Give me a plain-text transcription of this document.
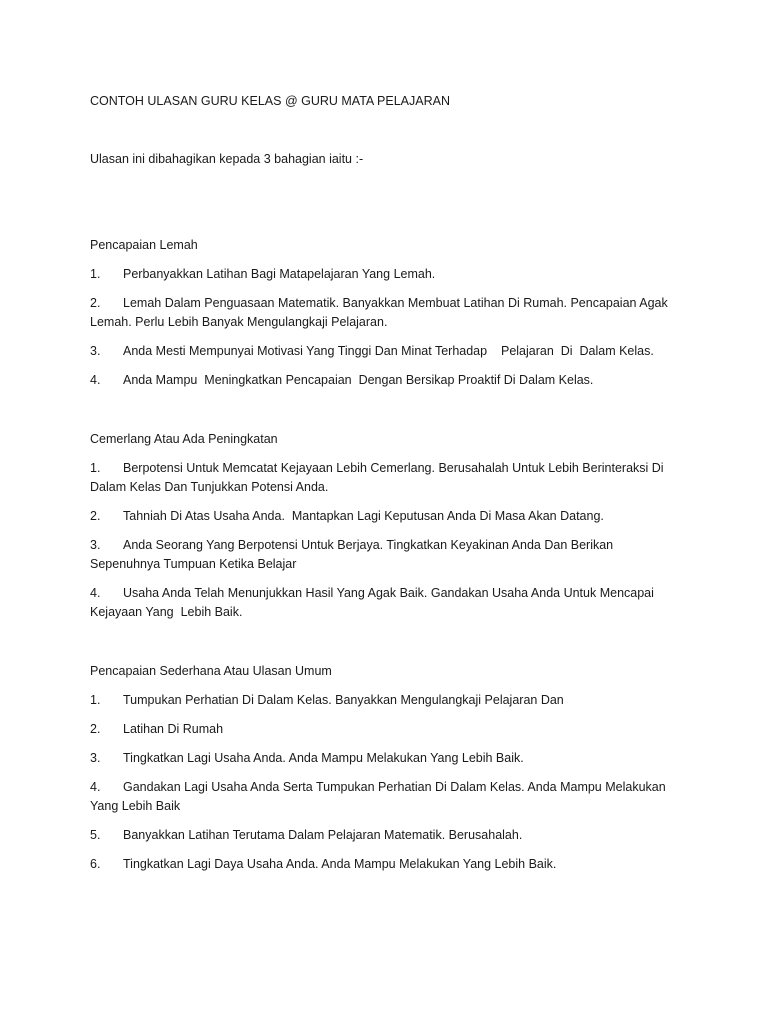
CONTOH ULASAN GURU KELAS @ GURU MATA PELAJARAN
Ulasan ini dibahagikan kepada 3 bahagian iaitu :-
Pencapaian Lemah
1. Perbanyakkan Latihan Bagi Matapelajaran Yang Lemah.
2. Lemah Dalam Penguasaan Matematik. Banyakkan Membuat Latihan Di Rumah. Pencapaian Agak Lemah. Perlu Lebih Banyak Mengulangkaji Pelajaran.
3. Anda Mesti Mempunyai Motivasi Yang Tinggi Dan Minat Terhadap    Pelajaran  Di  Dalam Kelas.
4. Anda Mampu  Meningkatkan Pencapaian  Dengan Bersikap Proaktif Di Dalam Kelas.
Cemerlang Atau Ada Peningkatan
1. Berpotensi Untuk Memcatat Kejayaan Lebih Cemerlang. Berusahalah Untuk Lebih Berinteraksi Di Dalam Kelas Dan Tunjukkan Potensi Anda.
2. Tahniah Di Atas Usaha Anda.  Mantapkan Lagi Keputusan Anda Di Masa Akan Datang.
3. Anda Seorang Yang Berpotensi Untuk Berjaya. Tingkatkan Keyakinan Anda Dan Berikan Sepenuhnya Tumpuan Ketika Belajar
4. Usaha Anda Telah Menunjukkan Hasil Yang Agak Baik. Gandakan Usaha Anda Untuk Mencapai Kejayaan Yang  Lebih Baik.
Pencapaian Sederhana Atau Ulasan Umum
1. Tumpukan Perhatian Di Dalam Kelas. Banyakkan Mengulangkaji Pelajaran Dan
2. Latihan Di Rumah
3. Tingkatkan Lagi Usaha Anda. Anda Mampu Melakukan Yang Lebih Baik.
4. Gandakan Lagi Usaha Anda Serta Tumpukan Perhatian Di Dalam Kelas. Anda Mampu Melakukan Yang Lebih Baik
5. Banyakkan Latihan Terutama Dalam Pelajaran Matematik. Berusahalah.
6. Tingkatkan Lagi Daya Usaha Anda. Anda Mampu Melakukan Yang Lebih Baik.
